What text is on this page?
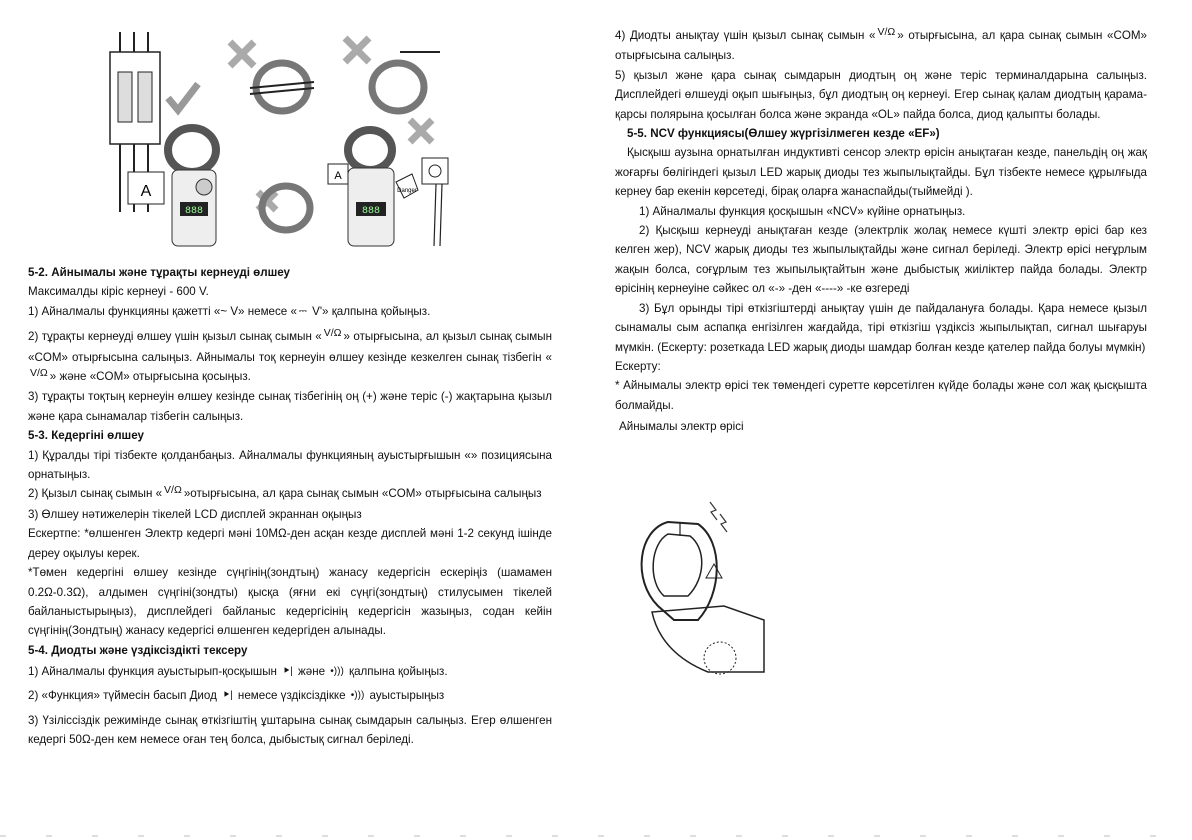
888
A
888
A
Danger

5-2. Айнымалы және тұрақты кернеуді өлшеу

Максималды кіріс кернеуі - 600 V.

1) Айналмалы функцияны қажетті «~ V» немесе « ⎓ V'» қалпына қойыңыз.

2) тұрақты кернеуді өлшеу үшін қызыл сынақ сымын « V/Ω » отырғысына, ал қызыл сынақ сымын «COM» отырғысына салыңыз. Айнымалы тоқ кернеуін өлшеу кезінде кезкелген сынақ тізбегін «V/Ω » және «COM» отырғысына қосыңыз.

3) тұрақты тоқтың кернеуін өлшеу кезінде сынақ тізбегінің оң (+) және теріс (-) жақтарына қызыл және қара сынамалар тізбегін салыңыз.

5-3. Кедергіні өлшеу

1) Құралды тірі тізбекте қолданбаңыз. Айналмалы функцияның ауыстырғышын «» позициясына орнатыңыз.

2) Қызыл сынақ сымын « V/Ω »отырғысына, ал қара сынақ сымын «COM» отырғысына салыңыз

3) Өлшеу нәтижелерін тікелей LCD дисплей экраннан оқыңыз

Ескертпе: *өлшенген Электр кедергі мәні 10MΩ-ден асқан кезде дисплей мәні 1-2 секунд ішінде дереу оқылуы керек.

*Төмен кедергіні өлшеу кезінде сүңгінің(зондтың) жанасу кедергісін ескеріңіз (шамамен 0.2Ω-0.3Ω), алдымен сүңгіні(зондты) қысқа (яғни екі сүңгі(зондтың) стилусымен тікелей байланыстырыңыз), дисплейдегі байланыс кедергісінің кедергісін жазыңыз, содан кейін сүңгінің(Зондтың) жанасу кедергісі өлшенген кедергіден алынады.

5-4. Диодты және үздіксіздікті тексеру

1) Айналмалы функция ауыстырып-қосқышын ⯈| және •))) қалпына қойыңыз.

2) «Функция» түймесін басып Диод ⯈| немесе үздіксіздікке •))) ауыстырыңыз

3) Үзіліссіздік режимінде сынақ өткізгіштің ұштарына сынақ сымдарын салыңыз. Егер өлшенген кедергі 50Ω-ден кем немесе оған тең болса, дыбыстық сигнал беріледі.

4) Диодты анықтау үшін қызыл сынақ сымын « V/Ω » отырғысына, ал қара сынақ сымын «COM» отырғысына салыңыз.

5) қызыл және қара сынақ сымдарын диодтың оң және теріс терминалдарына салыңыз. Дисплейдегі өлшеуді оқып шығыңыз, бұл диодтың оң кернеуі. Егер сынақ қалам диодтың қарама-қарсы полярына қосылған болса және экранда «OL» пайда болса, диод қалыпты болады.

5-5. NCV функциясы(Өлшеу жүргізілмеген кезде «EF»)

Қысқыш аузына орнатылған индуктивті сенсор электр өрісін анықтаған кезде, панельдің оң жақ жоғарғы бөлігіндегі қызыл LED жарық диоды тез жыпылықтайды. Бұл тізбекте немесе құрылғыда кернеу бар екенін көрсетеді, бірақ оларға жанаспайды(тыймейді ).

1) Айналмалы функция қосқышын «NCV» күйіне орнатыңыз.

2) Қысқыш кернеуді анықтаған кезде (электрлік жолақ немесе күшті электр өрісі бар кез келген жер), NCV жарық диоды тез жыпылықтайды және сигнал беріледі. Электр өрісі неғұрлым жақын болса, соғұрлым тез жыпылықтайтын және дыбыстық жиіліктер пайда болады. Электр өрісінің кернеуіне сәйкес ол «-» -ден «----» -ке өзгереді

3) Бұл орынды тірі өткізгіштерді анықтау үшін де пайдалануға болады. Қара немесе қызыл сынамалы сым аспапқа енгізілген жағдайда, тірі өткізгіш үздіксіз жыпылықтап, сигнал шығаруы мүмкін. (Ескерту: розеткада LED жарық диоды шамдар болған кезде қателер пайда болуы мүмкін)

Ескерту:

* Айнымалы электр өрісі тек төмендегі суретте көрсетілген күйде болады және сол жақ қысқышта болмайды.

Айнымалы электр өрісі
